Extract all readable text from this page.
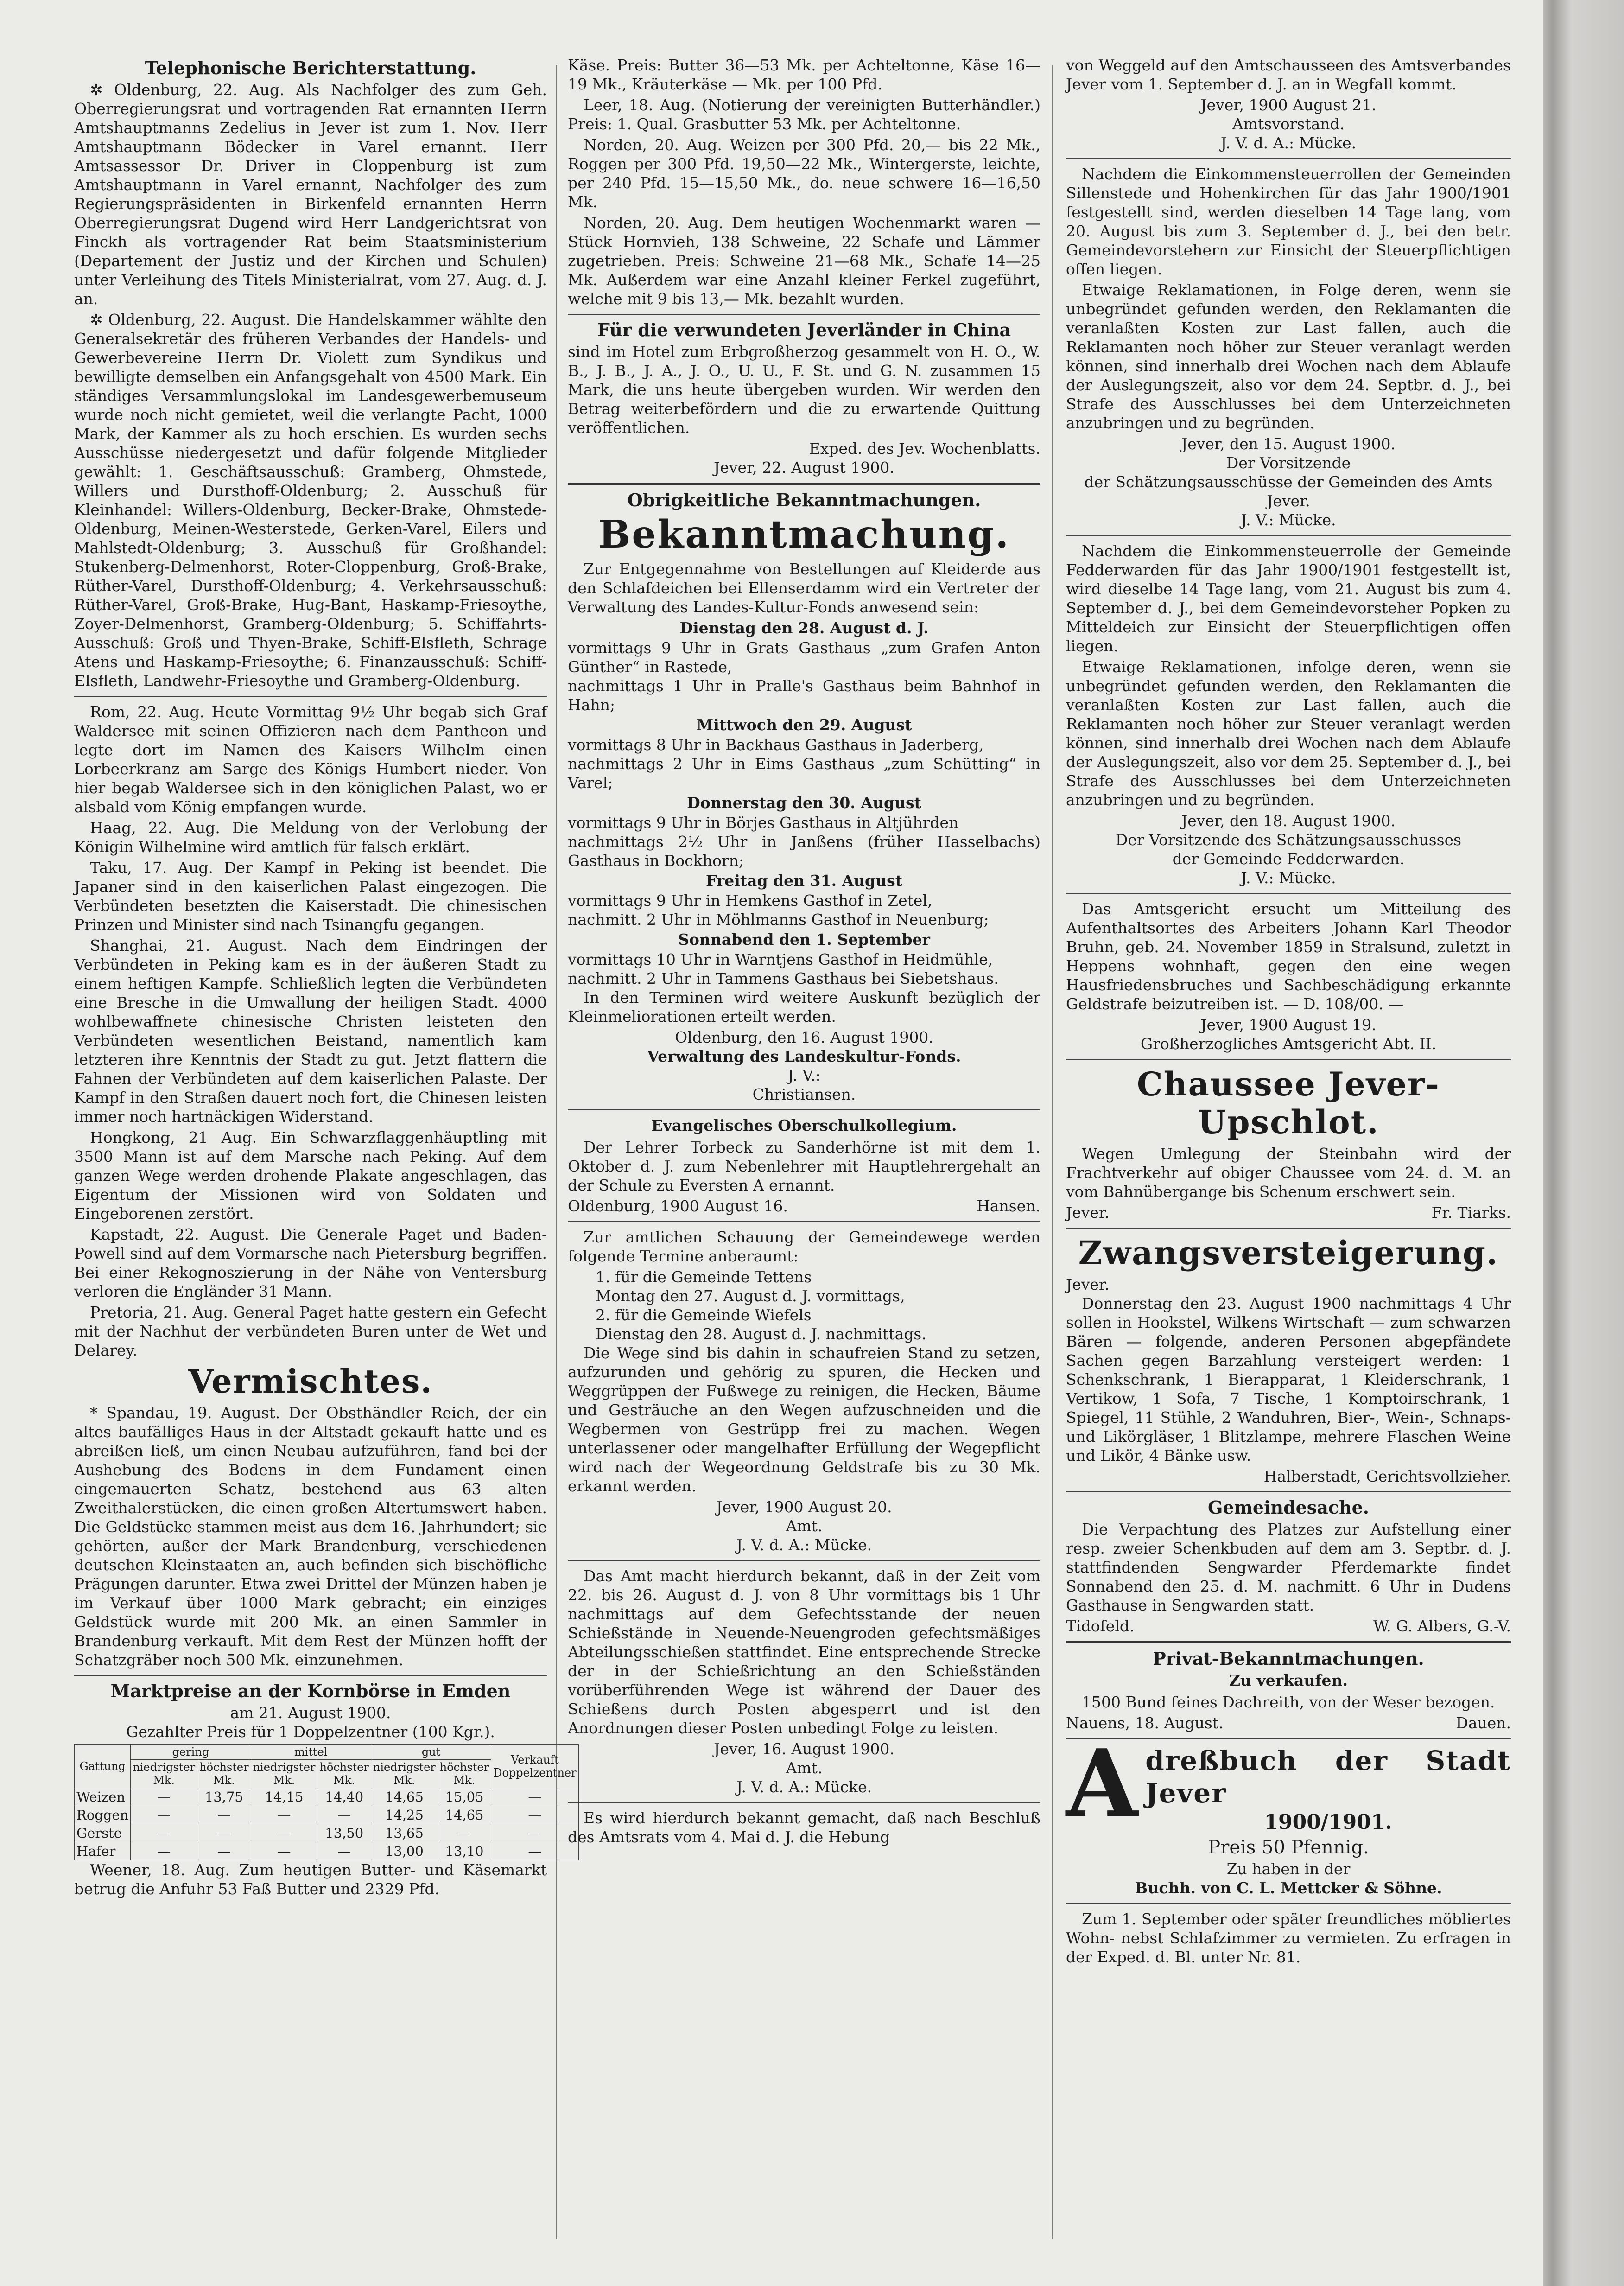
Telephonische Berichterstattung.

✲ Oldenburg, 22. Aug. Als Nachfolger des zum Geh. Oberregierungsrat und vortragenden Rat ernannten Herrn Amtshauptmanns Zedelius in Jever ist zum 1. Nov. Herr Amtshauptmann Bödecker in Varel ernannt. Herr Amtsassessor Dr. Driver in Cloppenburg ist zum Amtshauptmann in Varel ernannt, Nachfolger des zum Regierungspräsidenten in Birkenfeld ernannten Herrn Oberregierungsrat Dugend wird Herr Landgerichtsrat von Finckh als vortragender Rat beim Staatsministerium (Departement der Justiz und der Kirchen und Schulen) unter Verleihung des Titels Ministerialrat, vom 27. Aug. d. J. an.

✲ Oldenburg, 22. August. Die Handelskammer wählte den Generalsekretär des früheren Verbandes der Handels- und Gewerbevereine Herrn Dr. Violett zum Syndikus und bewilligte demselben ein Anfangsgehalt von 4500 Mark. Ein ständiges Versammlungslokal im Landesgewerbemuseum wurde noch nicht gemietet, weil die verlangte Pacht, 1000 Mark, der Kammer als zu hoch erschien. Es wurden sechs Ausschüsse niedergesetzt und dafür folgende Mitglieder gewählt: 1. Geschäftsausschuß: Gramberg, Ohmstede, Willers und Dursthoff-Oldenburg; 2. Ausschuß für Kleinhandel: Willers-Oldenburg, Becker-Brake, Ohmstede-Oldenburg, Meinen-Westerstede, Gerken-Varel, Eilers und Mahlstedt-Oldenburg; 3. Ausschuß für Großhandel: Stukenberg-Delmenhorst, Roter-Cloppenburg, Groß-Brake, Rüther-Varel, Dursthoff-Oldenburg; 4. Verkehrsausschuß: Rüther-Varel, Groß-Brake, Hug-Bant, Haskamp-Friesoythe, Zoyer-Delmenhorst, Gramberg-Oldenburg; 5. Schiffahrts-Ausschuß: Groß und Thyen-Brake, Schiff-Elsfleth, Schrage Atens und Haskamp-Friesoythe; 6. Finanzausschuß: Schiff-Elsfleth, Landwehr-Friesoythe und Gramberg-Oldenburg.

Rom, 22. Aug. Heute Vormittag 9½ Uhr begab sich Graf Waldersee mit seinen Offizieren nach dem Pantheon und legte dort im Namen des Kaisers Wilhelm einen Lorbeerkranz am Sarge des Königs Humbert nieder. Von hier begab Waldersee sich in den königlichen Palast, wo er alsbald vom König empfangen wurde.

Haag, 22. Aug. Die Meldung von der Verlobung der Königin Wilhelmine wird amtlich für falsch erklärt.

Taku, 17. Aug. Der Kampf in Peking ist beendet. Die Japaner sind in den kaiserlichen Palast eingezogen. Die Verbündeten besetzten die Kaiserstadt. Die chinesischen Prinzen und Minister sind nach Tsinangfu gegangen.

Shanghai, 21. August. Nach dem Eindringen der Verbündeten in Peking kam es in der äußeren Stadt zu einem heftigen Kampfe. Schließlich legten die Verbündeten eine Bresche in die Umwallung der heiligen Stadt. 4000 wohlbewaffnete chinesische Christen leisteten den Verbündeten wesentlichen Beistand, namentlich kam letzteren ihre Kenntnis der Stadt zu gut. Jetzt flattern die Fahnen der Verbündeten auf dem kaiserlichen Palaste. Der Kampf in den Straßen dauert noch fort, die Chinesen leisten immer noch hartnäckigen Widerstand.

Hongkong, 21 Aug. Ein Schwarzflaggenhäuptling mit 3500 Mann ist auf dem Marsche nach Peking. Auf dem ganzen Wege werden drohende Plakate angeschlagen, das Eigentum der Missionen wird von Soldaten und Eingeborenen zerstört.

Kapstadt, 22. August. Die Generale Paget und Baden-Powell sind auf dem Vormarsche nach Pietersburg begriffen. Bei einer Rekognoszierung in der Nähe von Ventersburg verloren die Engländer 31 Mann.

Pretoria, 21. Aug. General Paget hatte gestern ein Gefecht mit der Nachhut der verbündeten Buren unter de Wet und Delarey.

Vermischtes.

* Spandau, 19. August. Der Obsthändler Reich, der ein altes baufälliges Haus in der Altstadt gekauft hatte und es abreißen ließ, um einen Neubau aufzuführen, fand bei der Aushebung des Bodens in dem Fundament einen eingemauerten Schatz, bestehend aus 63 alten Zweithalerstücken, die einen großen Altertumswert haben. Die Geldstücke stammen meist aus dem 16. Jahrhundert; sie gehörten, außer der Mark Brandenburg, verschiedenen deutschen Kleinstaaten an, auch befinden sich bischöfliche Prägungen darunter. Etwa zwei Drittel der Münzen haben je im Verkauf über 1000 Mark gebracht; ein einziges Geldstück wurde mit 200 Mk. an einen Sammler in Brandenburg verkauft. Mit dem Rest der Münzen hofft der Schatzgräber noch 500 Mk. einzunehmen.

Marktpreise an der Kornbörse in Emden
am 21. August 1900.
Gezahlter Preis für 1 Doppelzentner (100 Kgr.).
Gattung	gering		mittel		gut		Verkauft Doppelzentner
	niedrigster Mk.	höchster Mk.	niedrigster Mk.	höchster Mk.	niedrigster Mk.	höchster Mk.	
Weizen	—	13,75	14,15	14,40	14,65	15,05	—
Roggen	—	—	—	—	14,25	14,65	—
Gerste	—	—	—	13,50	13,65	—	—
Hafer	—	—	—	—	13,00	13,10	—

Weener, 18. Aug. Zum heutigen Butter- und Käsemarkt betrug die Anfuhr 53 Faß Butter und 2329 Pfd.

Käse. Preis: Butter 36—53 Mk. per Achteltonne, Käse 16—19 Mk., Kräuterkäse — Mk. per 100 Pfd.

Leer, 18. Aug. (Notierung der vereinigten Butterhändler.) Preis: 1. Qual. Grasbutter 53 Mk. per Achteltonne.

Norden, 20. Aug. Weizen per 300 Pfd. 20,— bis 22 Mk., Roggen per 300 Pfd. 19,50—22 Mk., Wintergerste, leichte, per 240 Pfd. 15—15,50 Mk., do. neue schwere 16—16,50 Mk.

Norden, 20. Aug. Dem heutigen Wochenmarkt waren — Stück Hornvieh, 138 Schweine, 22 Schafe und Lämmer zugetrieben. Preis: Schweine 21—68 Mk., Schafe 14—25 Mk. Außerdem war eine Anzahl kleiner Ferkel zugeführt, welche mit 9 bis 13,— Mk. bezahlt wurden.

Für die verwundeten Jeverländer in China

sind im Hotel zum Erbgroßherzog gesammelt von H. O., W. B., J. B., J. A., J. O., U. U., F. St. und G. N. zusammen 15 Mark, die uns heute übergeben wurden. Wir werden den Betrag weiterbefördern und die zu erwartende Quittung veröffentlichen.

Exped. des Jev. Wochenblatts.
Jever, 22. August 1900.
Obrigkeitliche Bekanntmachungen.
Bekanntmachung.

Zur Entgegennahme von Bestellungen auf Kleiderde aus den Schlafdeichen bei Ellenserdamm wird ein Vertreter der Verwaltung des Landes-Kultur-Fonds anwesend sein:

Dienstag den 28. August d. J.
vormittags 9 Uhr in Grats Gasthaus „zum Grafen Anton Günther“ in Rastede,
nachmittags 1 Uhr in Pralle's Gasthaus beim Bahnhof in Hahn;
Mittwoch den 29. August
vormittags 8 Uhr in Backhaus Gasthaus in Jaderberg,
nachmittags 2 Uhr in Eims Gasthaus „zum Schütting“ in Varel;
Donnerstag den 30. August
vormittags 9 Uhr in Börjes Gasthaus in Altjührden
nachmittags 2½ Uhr in Janßens (früher Hasselbachs) Gasthaus in Bockhorn;
Freitag den 31. August
vormittags 9 Uhr in Hemkens Gasthof in Zetel,
nachmitt. 2 Uhr in Möhlmanns Gasthof in Neuenburg;
Sonnabend den 1. September
vormittags 10 Uhr in Warntjens Gasthof in Heidmühle,
nachmitt. 2 Uhr in Tammens Gasthaus bei Siebetshaus.

In den Terminen wird weitere Auskunft bezüglich der Kleinmeliorationen erteilt werden.

Oldenburg, den 16. August 1900.
Verwaltung des Landeskultur-Fonds.
J. V.:
Christiansen.
Evangelisches Oberschulkollegium.

Der Lehrer Torbeck zu Sanderhörne ist mit dem 1. Oktober d. J. zum Nebenlehrer mit Hauptlehrergehalt an der Schule zu Eversten A ernannt.

Oldenburg, 1900 August 16.	Hansen.

Zur amtlichen Schauung der Gemeindewege werden folgende Termine anberaumt:

1. für die Gemeinde Tettens
Montag den 27. August d. J. vormittags,
2. für die Gemeinde Wiefels
Dienstag den 28. August d. J. nachmittags.

Die Wege sind bis dahin in schaufreien Stand zu setzen, aufzurunden und gehörig zu spuren, die Hecken und Weggrüppen der Fußwege zu reinigen, die Hecken, Bäume und Gesträuche an den Wegen aufzuschneiden und die Wegbermen von Gestrüpp frei zu machen. Wegen unterlassener oder mangelhafter Erfüllung der Wegepflicht wird nach der Wegeordnung Geldstrafe bis zu 30 Mk. erkannt werden.

Jever, 1900 August 20.
Amt.
J. V. d. A.: Mücke.

Das Amt macht hierdurch bekannt, daß in der Zeit vom 22. bis 26. August d. J. von 8 Uhr vormittags bis 1 Uhr nachmittags auf dem Gefechtsstande der neuen Schießstände in Neuende-Neuengroden gefechtsmäßiges Abteilungsschießen stattfindet. Eine entsprechende Strecke der in der Schießrichtung an den Schießständen vorüberführenden Wege ist während der Dauer des Schießens durch Posten abgesperrt und ist den Anordnungen dieser Posten unbedingt Folge zu leisten.

Jever, 16. August 1900.
Amt.
J. V. d. A.: Mücke.

Es wird hierdurch bekannt gemacht, daß nach Beschluß des Amtsrats vom 4. Mai d. J. die Hebung

von Weggeld auf den Amtschausseen des Amtsverbandes Jever vom 1. September d. J. an in Wegfall kommt.

Jever, 1900 August 21.
Amtsvorstand.
J. V. d. A.: Mücke.

Nachdem die Einkommensteuerrollen der Gemeinden Sillenstede und Hohenkirchen für das Jahr 1900/1901 festgestellt sind, werden dieselben 14 Tage lang, vom 20. August bis zum 3. September d. J., bei den betr. Gemeindevorstehern zur Einsicht der Steuerpflichtigen offen liegen.

Etwaige Reklamationen, in Folge deren, wenn sie unbegründet gefunden werden, den Reklamanten die veranlaßten Kosten zur Last fallen, auch die Reklamanten noch höher zur Steuer veranlagt werden können, sind innerhalb drei Wochen nach dem Ablaufe der Auslegungszeit, also vor dem 24. Septbr. d. J., bei Strafe des Ausschlusses bei dem Unterzeichneten anzubringen und zu begründen.

Jever, den 15. August 1900.
Der Vorsitzende
der Schätzungsausschüsse der Gemeinden des Amts Jever.
J. V.: Mücke.

Nachdem die Einkommensteuerrolle der Gemeinde Fedderwarden für das Jahr 1900/1901 festgestellt ist, wird dieselbe 14 Tage lang, vom 21. August bis zum 4. September d. J., bei dem Gemeindevorsteher Popken zu Mitteldeich zur Einsicht der Steuerpflichtigen offen liegen.

Etwaige Reklamationen, infolge deren, wenn sie unbegründet gefunden werden, den Reklamanten die veranlaßten Kosten zur Last fallen, auch die Reklamanten noch höher zur Steuer veranlagt werden können, sind innerhalb drei Wochen nach dem Ablaufe der Auslegungszeit, also vor dem 25. September d. J., bei Strafe des Ausschlusses bei dem Unterzeichneten anzubringen und zu begründen.

Jever, den 18. August 1900.
Der Vorsitzende des Schätzungsausschusses
der Gemeinde Fedderwarden.
J. V.: Mücke.

Das Amtsgericht ersucht um Mitteilung des Aufenthaltsortes des Arbeiters Johann Karl Theodor Bruhn, geb. 24. November 1859 in Stralsund, zuletzt in Heppens wohnhaft, gegen den eine wegen Hausfriedensbruches und Sachbeschädigung erkannte Geldstrafe beizutreiben ist. — D. 108/00. —

Jever, 1900 August 19.
Großherzogliches Amtsgericht Abt. II.
Chaussee Jever-Upschlot.

Wegen Umlegung der Steinbahn wird der Frachtverkehr auf obiger Chaussee vom 24. d. M. an vom Bahnübergange bis Schenum erschwert sein.

Jever.	Fr. Tiarks.
Zwangsversteigerung.
Jever.

Donnerstag den 23. August 1900 nachmittags 4 Uhr sollen in Hookstel, Wilkens Wirtschaft — zum schwarzen Bären — folgende, anderen Personen abgepfändete Sachen gegen Barzahlung versteigert werden: 1 Schenkschrank, 1 Bierapparat, 1 Kleiderschrank, 1 Vertikow, 1 Sofa, 7 Tische, 1 Komptoirschrank, 1 Spiegel, 11 Stühle, 2 Wanduhren, Bier-, Wein-, Schnaps- und Likörgläser, 1 Blitzlampe, mehrere Flaschen Weine und Likör, 4 Bänke usw.

Halberstadt, Gerichtsvollzieher.
Gemeindesache.

Die Verpachtung des Platzes zur Aufstellung einer resp. zweier Schenkbuden auf dem am 3. Septbr. d. J. stattfindenden Sengwarder Pferdemarkte findet Sonnabend den 25. d. M. nachmitt. 6 Uhr in Dudens Gasthause in Sengwarden statt.

Tidofeld.	W. G. Albers, G.-V.
Privat-Bekanntmachungen.
Zu verkaufen.

1500 Bund feines Dachreith, von der Weser bezogen.

Nauens, 18. August.	Dauen.
A dreßbuch der Stadt Jever
1900/1901.
Preis 50 Pfennig.
Zu haben in der
Buchh. von C. L. Mettcker & Söhne.

Zum 1. September oder später freundliches möbliertes Wohn- nebst Schlafzimmer zu vermieten. Zu erfragen in der Exped. d. Bl. unter Nr. 81.
